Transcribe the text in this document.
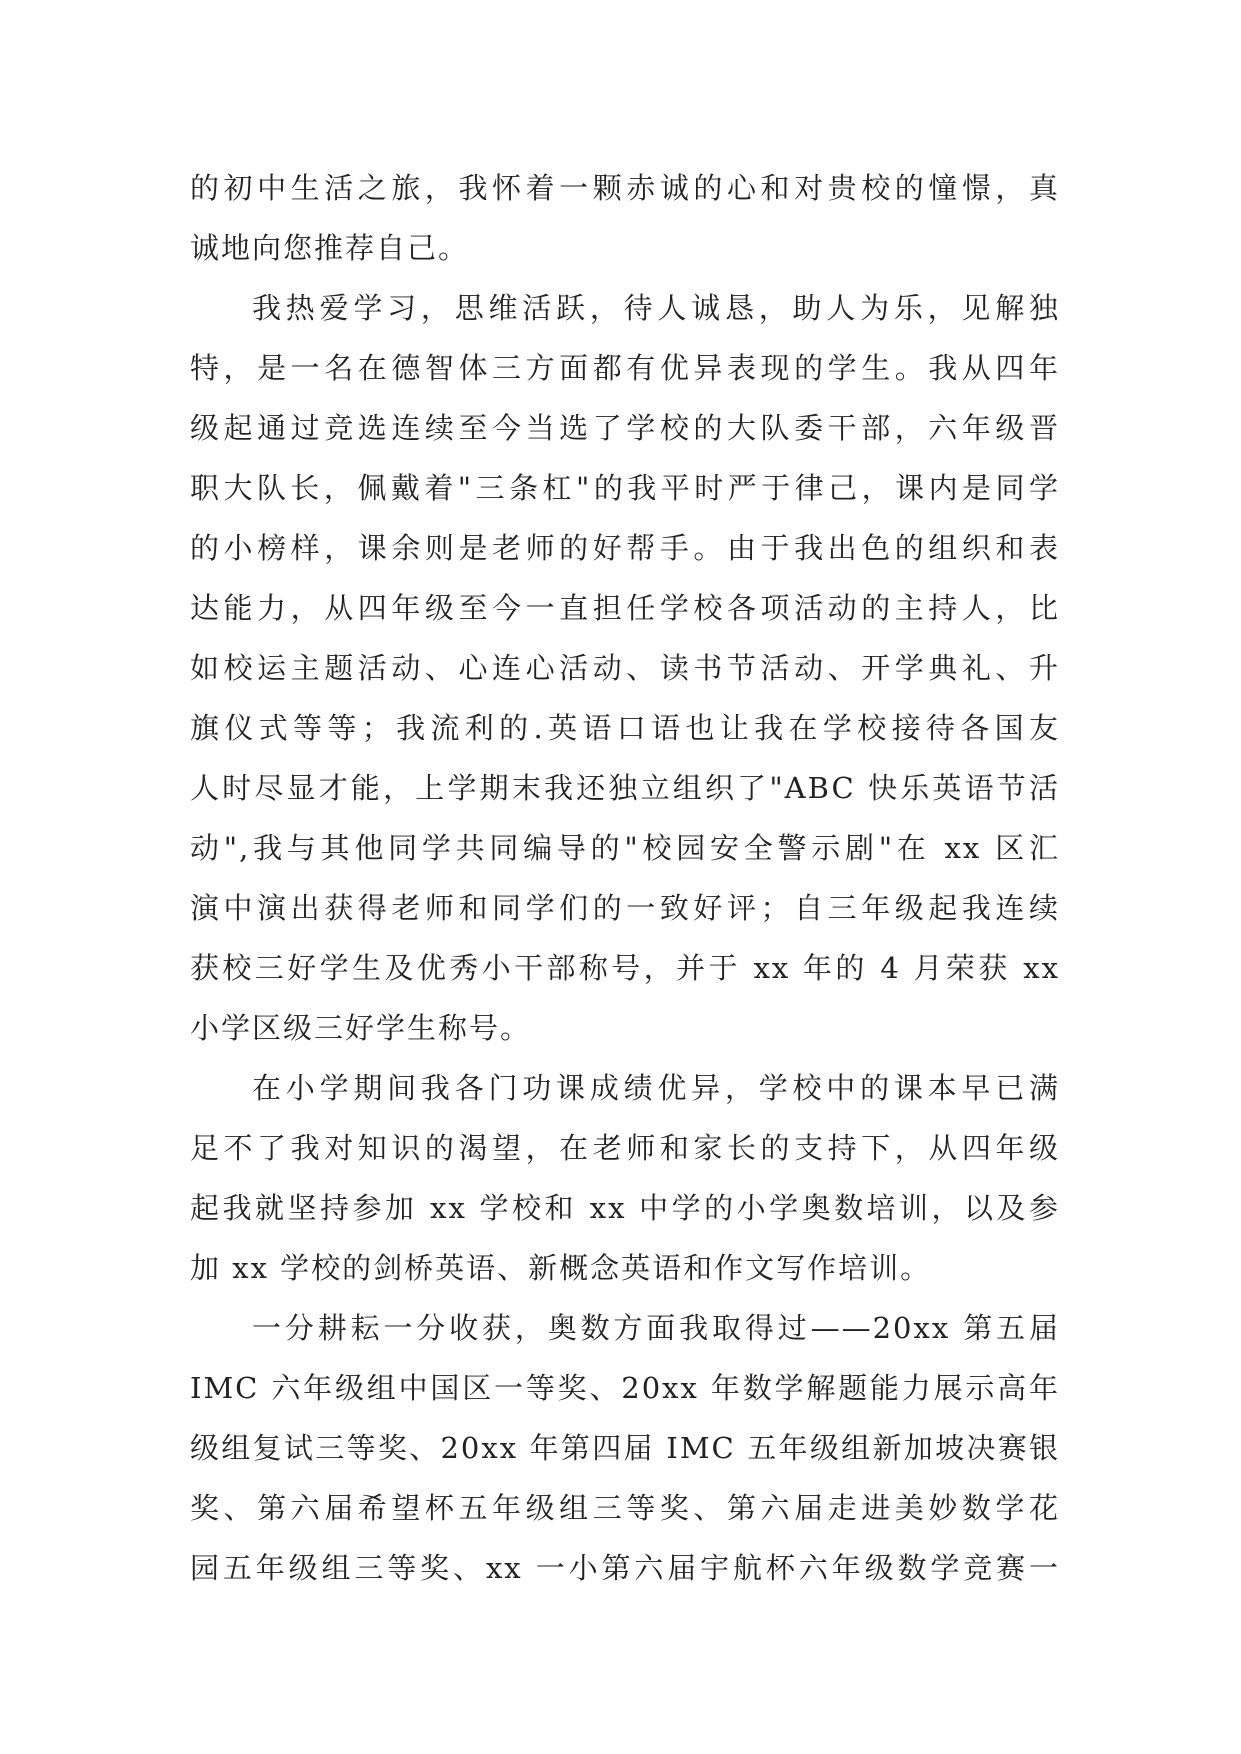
的初中生活之旅，我怀着一颗赤诚的心和对贵校的憧憬，真
诚地向您推荐自己。
我热爱学习，思维活跃，待人诚恳，助人为乐，见解独
特，是一名在德智体三方面都有优异表现的学生。我从四年
级起通过竞选连续至今当选了学校的大队委干部，六年级晋
职大队长，佩戴着"三条杠"的我平时严于律己，课内是同学
的小榜样，课余则是老师的好帮手。由于我出色的组织和表
达能力，从四年级至今一直担任学校各项活动的主持人，比
如校运主题活动、心连心活动、读书节活动、开学典礼、升
旗仪式等等；我流利的.英语口语也让我在学校接待各国友
人时尽显才能，上学期末我还独立组织了"ABC 快乐英语节活
动",我与其他同学共同编导的"校园安全警示剧"在 xx 区汇
演中演出获得老师和同学们的一致好评；自三年级起我连续
获校三好学生及优秀小干部称号，并于 xx 年的 4 月荣获 xx
小学区级三好学生称号。
在小学期间我各门功课成绩优异，学校中的课本早已满
足不了我对知识的渴望，在老师和家长的支持下，从四年级
起我就坚持参加 xx 学校和 xx 中学的小学奥数培训，以及参
加 xx 学校的剑桥英语、新概念英语和作文写作培训。
一分耕耘一分收获，奥数方面我取得过——20xx 第五届
IMC 六年级组中国区一等奖、20xx 年数学解题能力展示高年
级组复试三等奖、20xx 年第四届 IMC 五年级组新加坡决赛银
奖、第六届希望杯五年级组三等奖、第六届走进美妙数学花
园五年级组三等奖、xx 一小第六届宇航杯六年级数学竞赛一
